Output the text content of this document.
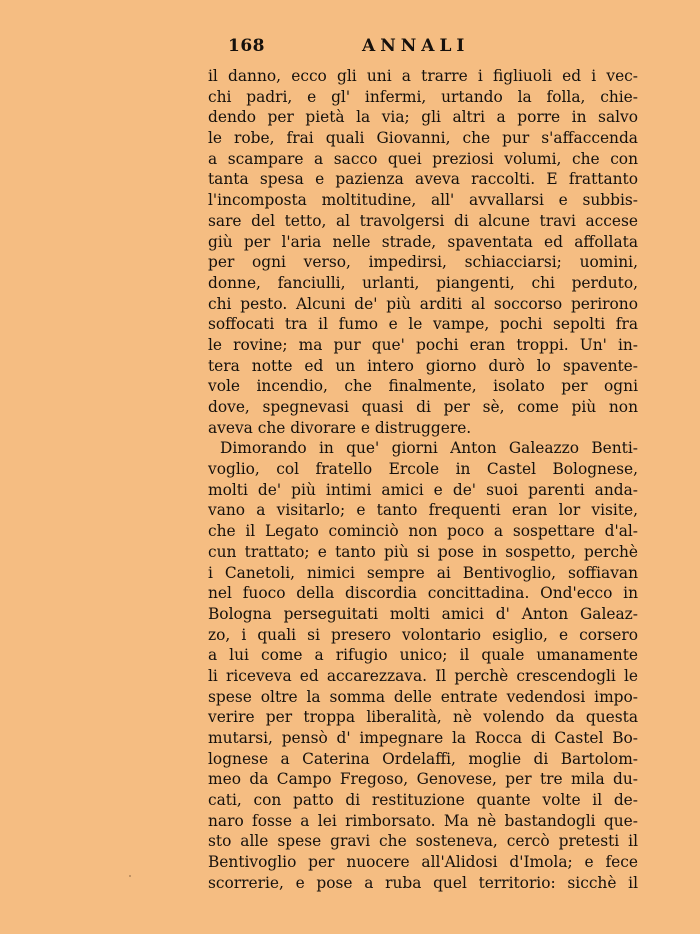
168	ANNALI
il danno, ecco gli uni a trarre i figliuoli ed i vec-
chi padri, e gl' infermi, urtando la folla, chie-
dendo per pietà la via; gli altri a porre in salvo
le robe, frai quali Giovanni, che pur s'affaccenda
a scampare a sacco quei preziosi volumi, che con
tanta spesa e pazienza aveva raccolti. E frattanto
l'incomposta moltitudine, all' avvallarsi e subbis-
sare del tetto, al travolgersi di alcune travi accese
giù per l'aria nelle strade, spaventata ed affollata
per ogni verso, impedirsi, schiacciarsi; uomini,
donne, fanciulli, urlanti, piangenti, chi perduto,
chi pesto. Alcuni de' più arditi al soccorso perirono
soffocati tra il fumo e le vampe, pochi sepolti fra
le rovine; ma pur que' pochi eran troppi. Un' in-
tera notte ed un intero giorno durò lo spavente-
vole incendio, che finalmente, isolato per ogni
dove, spegnevasi quasi di per sè, come più non
aveva che divorare e distruggere.
Dimorando in que' giorni Anton Galeazzo Benti-
voglio, col fratello Ercole in Castel Bolognese,
molti de' più intimi amici e de' suoi parenti anda-
vano a visitarlo; e tanto frequenti eran lor visite,
che il Legato cominciò non poco a sospettare d'al-
cun trattato; e tanto più si pose in sospetto, perchè
i Canetoli, nimici sempre ai Bentivoglio, soffiavan
nel fuoco della discordia concittadina. Ond'ecco in
Bologna perseguitati molti amici d' Anton Galeaz-
zo, i quali si presero volontario esiglio, e corsero
a lui come a rifugio unico; il quale umanamente
li riceveva ed accarezzava. Il perchè crescendogli le
spese oltre la somma delle entrate vedendosi impo-
verire per troppa liberalità, nè volendo da questa
mutarsi, pensò d' impegnare la Rocca di Castel Bo-
lognese a Caterina Ordelaffi, moglie di Bartolom-
meo da Campo Fregoso, Genovese, per tre mila du-
cati, con patto di restituzione quante volte il de-
naro fosse a lei rimborsato. Ma nè bastandogli que-
sto alle spese gravi che sosteneva, cercò pretesti il
Bentivoglio per nuocere all'Alidosi d'Imola; e fece
scorrerie, e pose a ruba quel territorio: sicchè il
